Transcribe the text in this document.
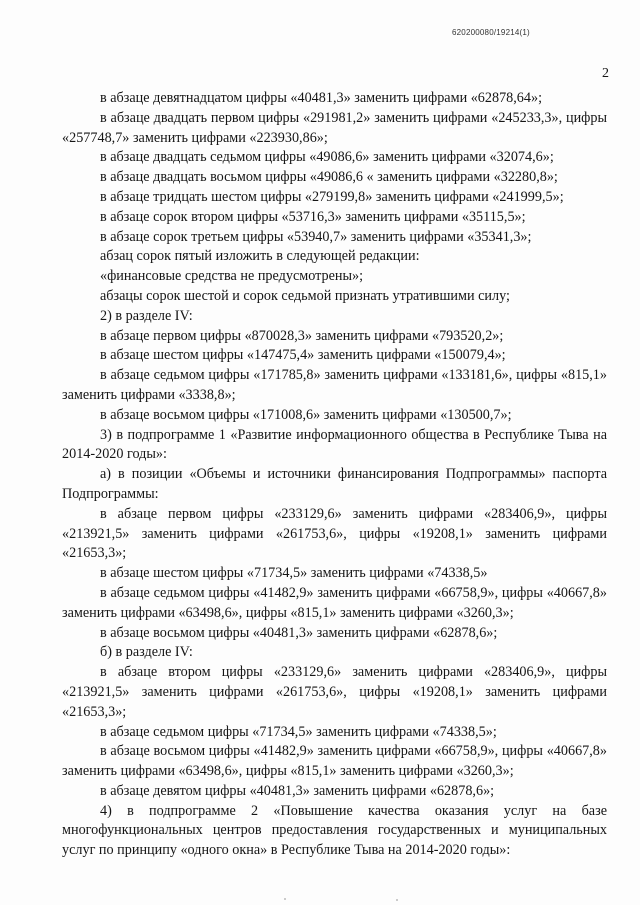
620200080/19214(1)
2

в абзаце девятнадцатом цифры «40481,3» заменить цифрами «62878,64»;

в абзаце двадцать первом цифры «291981,2» заменить цифрами «245233,3», цифры «257748,7» заменить цифрами «223930,86»;

в абзаце двадцать седьмом цифры «49086,6» заменить цифрами «32074,6»;

в абзаце двадцать восьмом цифры «49086,6 « заменить цифрами «32280,8»;

в абзаце тридцать шестом цифры «279199,8» заменить цифрами «241999,5»;

в абзаце сорок втором цифры «53716,3» заменить цифрами «35115,5»;

в абзаце сорок третьем цифры «53940,7» заменить цифрами «35341,3»;

абзац сорок пятый изложить в следующей редакции:

«финансовые средства не предусмотрены»;

абзацы сорок шестой и сорок седьмой признать утратившими силу;

2) в разделе IV:

в абзаце первом цифры «870028,3» заменить цифрами «793520,2»;

в абзаце шестом цифры «147475,4» заменить цифрами «150079,4»;

в абзаце седьмом цифры «171785,8» заменить цифрами «133181,6», цифры «815,1» заменить цифрами «3338,8»;

в абзаце восьмом цифры «171008,6» заменить цифрами «130500,7»;

3) в подпрограмме 1 «Развитие информационного общества в Республике Тыва на 2014-2020 годы»:

а) в позиции «Объемы и источники финансирования Подпрограммы» паспорта Подпрограммы:

в абзаце первом цифры «233129,6» заменить цифрами «283406,9», цифры «213921,5» заменить цифрами «261753,6», цифры «19208,1» заменить цифрами «21653,3»;

в абзаце шестом цифры «71734,5» заменить цифрами «74338,5»

в абзаце седьмом цифры «41482,9» заменить цифрами «66758,9», цифры «40667,8» заменить цифрами «63498,6», цифры «815,1» заменить цифрами «3260,3»;

в абзаце восьмом цифры «40481,3» заменить цифрами «62878,6»;

б) в разделе IV:

в абзаце втором цифры «233129,6» заменить цифрами «283406,9», цифры «213921,5» заменить цифрами «261753,6», цифры «19208,1» заменить цифрами «21653,3»;

в абзаце седьмом цифры «71734,5» заменить цифрами «74338,5»;

в абзаце восьмом цифры «41482,9» заменить цифрами «66758,9», цифры «40667,8» заменить цифрами «63498,6», цифры «815,1» заменить цифрами «3260,3»;

в абзаце девятом цифры «40481,3» заменить цифрами «62878,6»;

4) в подпрограмме 2 «Повышение качества оказания услуг на базе многофункциональных центров предоставления государственных и муниципальных услуг по принципу «одного окна» в Республике Тыва на 2014-2020 годы»:
